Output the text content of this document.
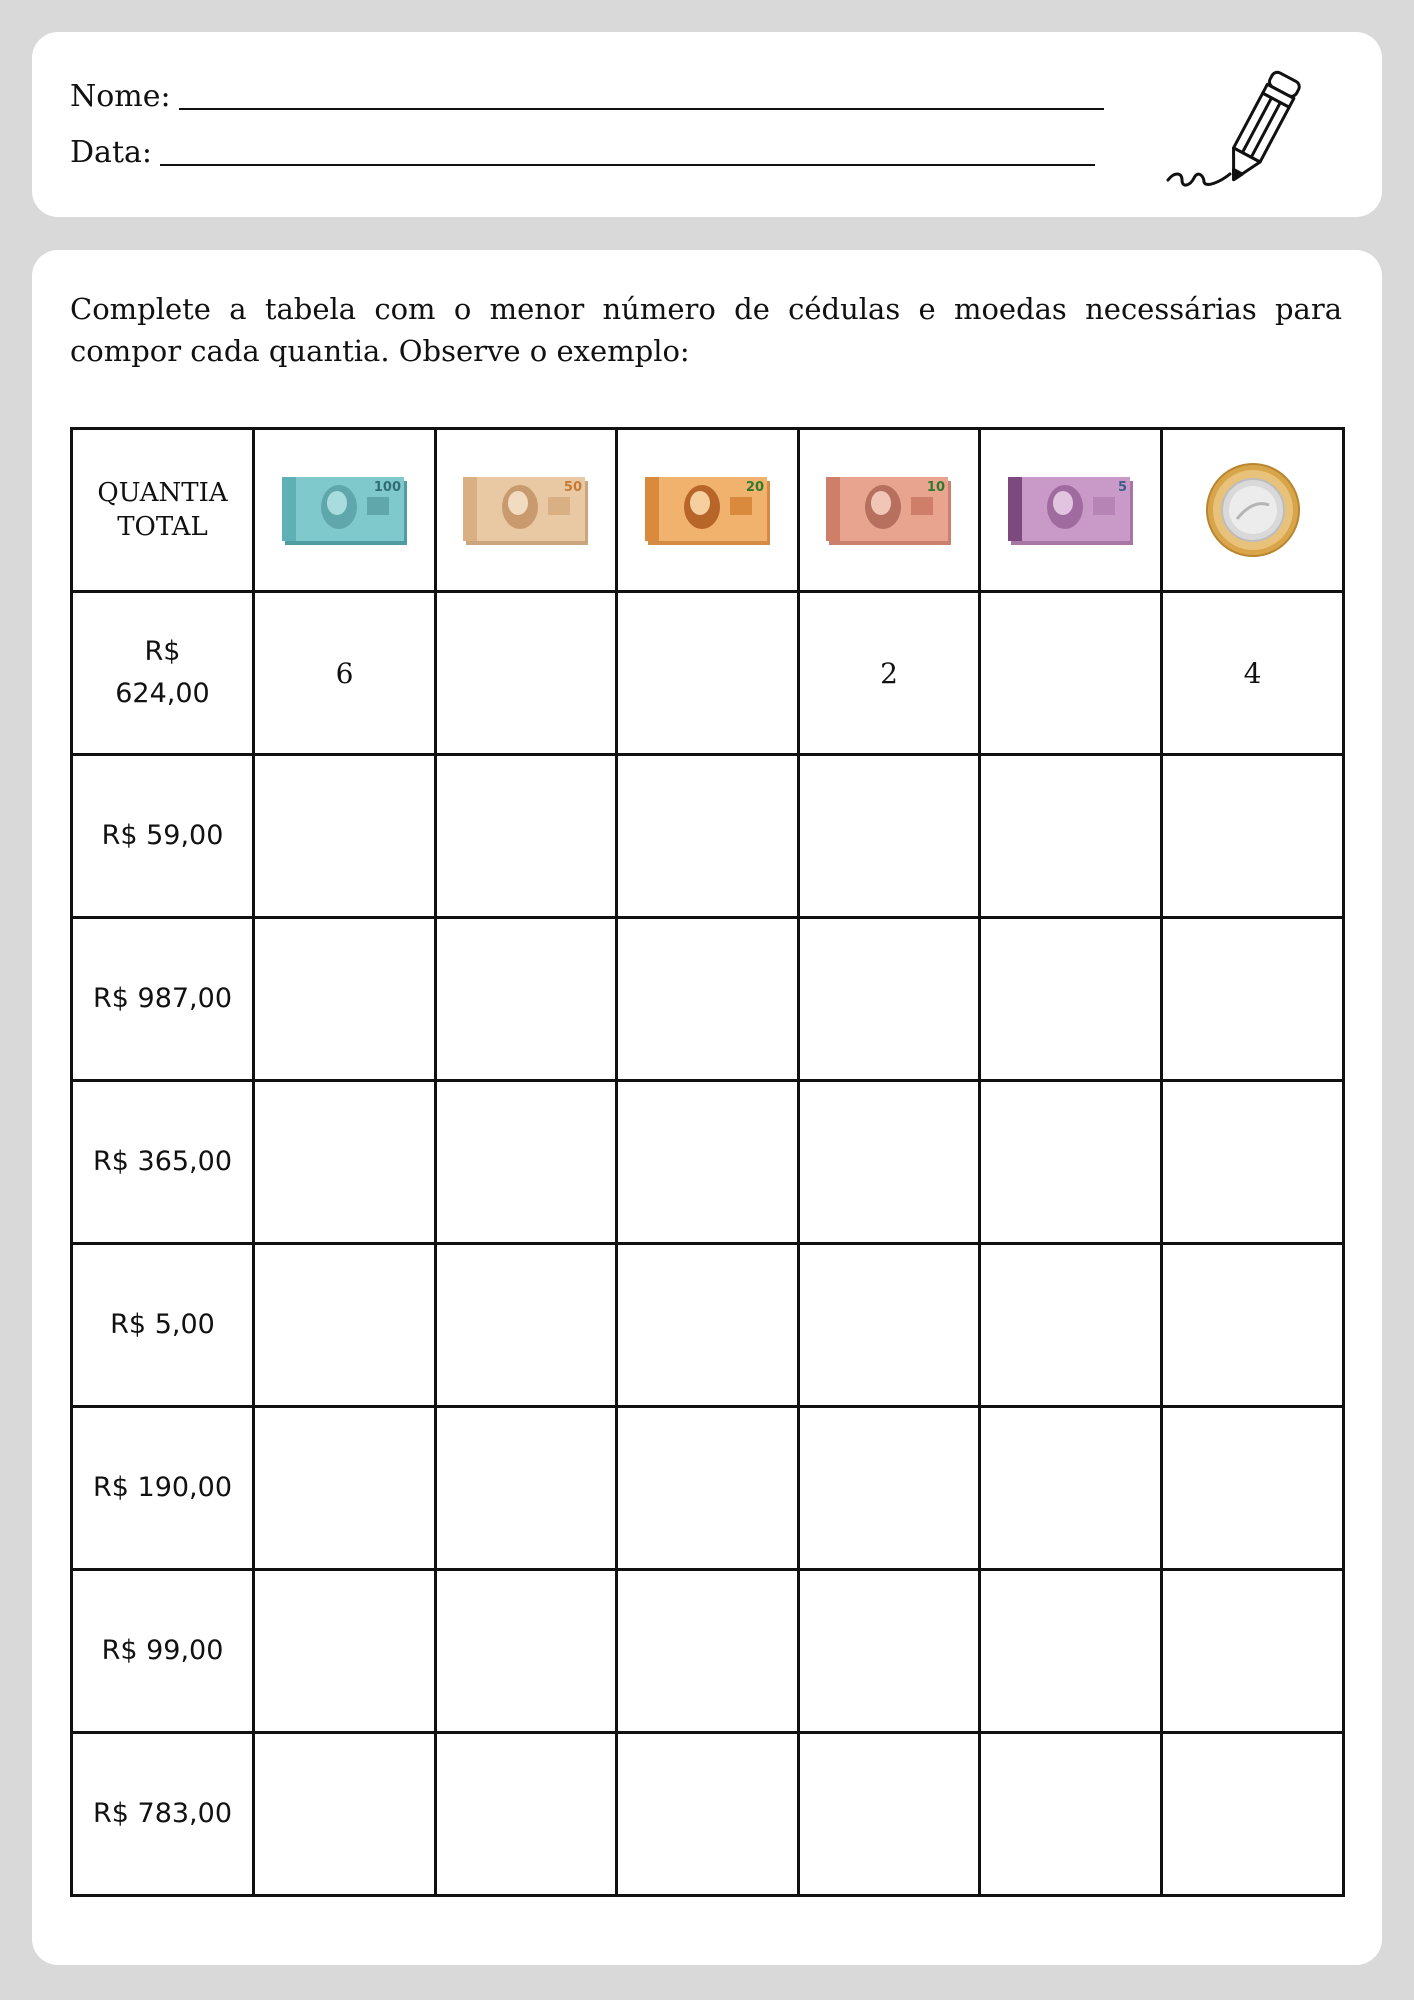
Nome:
Data:

Complete a tabela com o menor número de cédulas e moedas necessárias para compor cada quantia. Observe o exemplo:

QUANTIA TOTAL	100	50	20	10	5

R$
624,00	6			2		4
R$ 59,00						
R$ 987,00						
R$ 365,00						
R$ 5,00						
R$ 190,00						
R$ 99,00						
R$ 783,00						
